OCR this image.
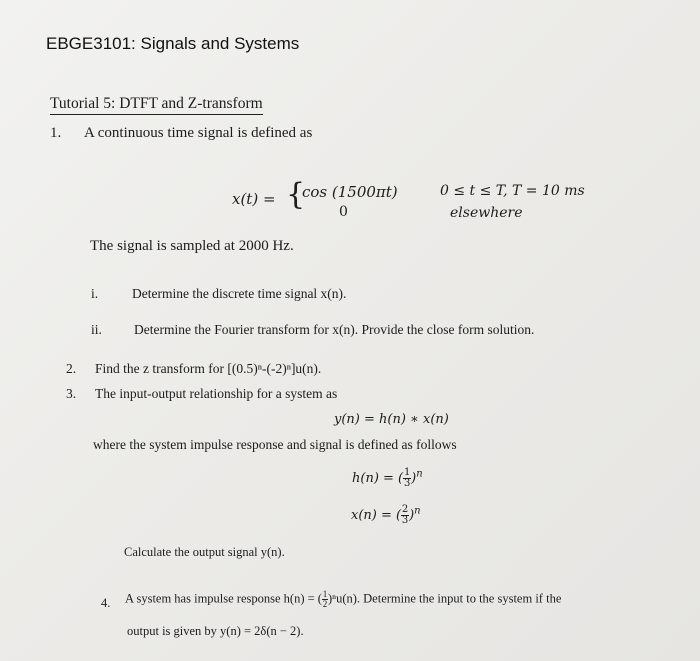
EBGE3101: Signals and Systems
Tutorial 5: DTFT and Z-transform
1. A continuous time signal is defined as
x(t) = {
cos (1500πt)
0
0 ≤ t ≤ T, T = 10 ms
elsewhere
The signal is sampled at 2000 Hz.
i.	Determine the discrete time signal x(n).
ii. Determine the Fourier transform for x(n). Provide the close form solution.
2. Find the z transform for [(0.5)ⁿ-(-2)ⁿ]u(n).
3. The input-output relationship for a system as
y(n) = h(n) ∗ x(n)
where the system impulse response and signal is defined as follows
h(n) = ( $\frac{1}{3} )^n$
x(n) = ( $\frac{2}{3} )^n$
Calculate the output signal y(n).
4. A system has impulse response h(n) = ( $\frac{1}{2} )^nu(n)$. Determine the input to the system if the
output is given by y(n) = 2δ(n − 2).
